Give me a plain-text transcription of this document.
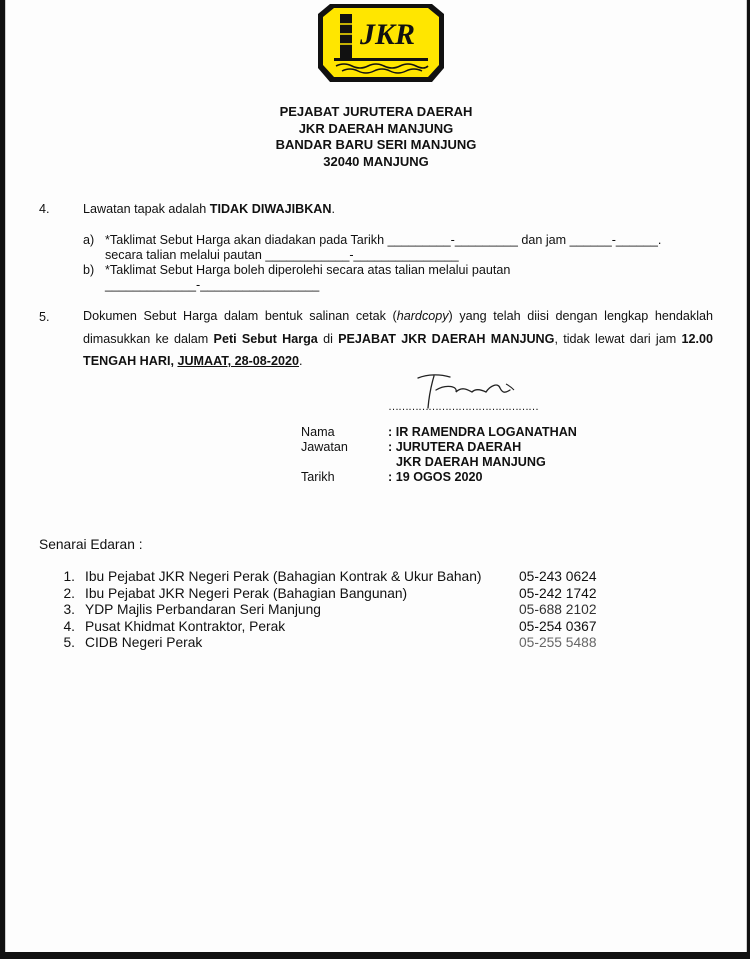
JKR
PEJABAT JURUTERA DAERAH
JKR DAERAH MANJUNG
BANDAR BARU SERI MANJUNG
32040 MANJUNG
4.	Lawatan tapak adalah TIDAK DIWAJIBKAN.
a) *Taklimat Sebut Harga akan diadakan pada Tarikh _________-_________ dan jam ______-______.
secara talian melalui pautan ____________-_______________
b) *Taklimat Sebut Harga boleh diperolehi secara atas talian melalui pautan
_____________-_________________
5.	Dokumen Sebut Harga dalam bentuk salinan cetak (hardcopy) yang telah diisi dengan lengkap hendaklah dimasukkan ke dalam Peti Sebut Harga di PEJABAT JKR DAERAH MANJUNG, tidak lewat dari jam 12.00 TENGAH HARI, JUMAAT, 28-08-2020.
………………………………………
Nama	: IR RAMENDRA LOGANATHAN
Jawatan	: JURUTERA DAERAH
JKR DAERAH MANJUNG
Tarikh	: 19 OGOS 2020
Senarai Edaran :
1. Ibu Pejabat JKR Negeri Perak (Bahagian Kontrak & Ukur Bahan)	05-243 0624
2. Ibu Pejabat JKR Negeri Perak (Bahagian Bangunan)	05-242 1742
3. YDP Majlis Perbandaran Seri Manjung	05-688 2102
4. Pusat Khidmat Kontraktor, Perak	05-254 0367
5. CIDB Negeri Perak	05-255 5488
